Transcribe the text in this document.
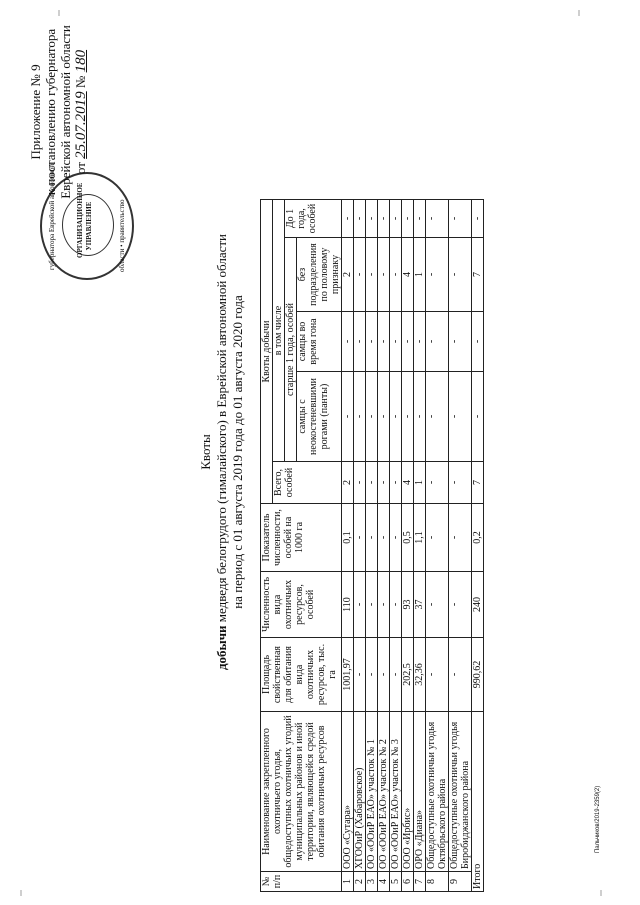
губернатора Еврейской автономной	области • правительство
ОРГАНИЗАЦИОННОЕ УПРАВЛЕНИЕ
Приложение № 9 к постановлению губернатора Еврейской автономной области от 25.07.2019 № 180
Квоты
добычи медведя белогрудого (гималайского) в Еврейской автономной области на период с 01 августа 2019 года до 01 августа 2020 года
№ п/п	Наименование закрепленного охотничьего угодья, общедоступных охотничьих угодий муниципальных районов и иной территории, являющейся средой обитания охотничьих ресурсов	Площадь свойственная для обитания вида охотничьих ресурсов, тыс. га	Численность вида охотничьих ресурсов, особей	Показатель численности, особей на 1000 га	Квоты добычи				
					Всего, особей	в том числе			
						старше 1 года, особей			До 1 года, особей
						самцы с неокостеневшими рогами (панты)	самцы во время гона	без подразделения по половому признаку	
1	ООО «Сутара»	1001,97	110	0,1	2	-	-	2	-
2	ХГООиР (Хабаровское)	-	-	-	-	-	-	-	-
3	ОО «ООиР ЕАО» участок № 1	-	-	-	-	-	-	-	-
4	ОО «ООиР ЕАО» участок № 2	-	-	-	-	-	-	-	-
5	ОО «ООиР ЕАО» участок № 3	-	-	-	-	-	-	-	-
6	ООО «Ирбис»	202,5	93	0,5	4	-	-	4	-
7	ОРО «Диана»	32,36	37	1,1	1	-	-	1	-
8	Общедоступные охотничьи угодья Октябрьского района	-	-	-	-	-	-	-	-
9	Общедоступные охотничьи угодья Биробиджанского района	-	-	-	-	-	-	-	-
Итого		990,62	240	0,2	7	-	-	7	-
Пальчиков/2019-2359(2)
